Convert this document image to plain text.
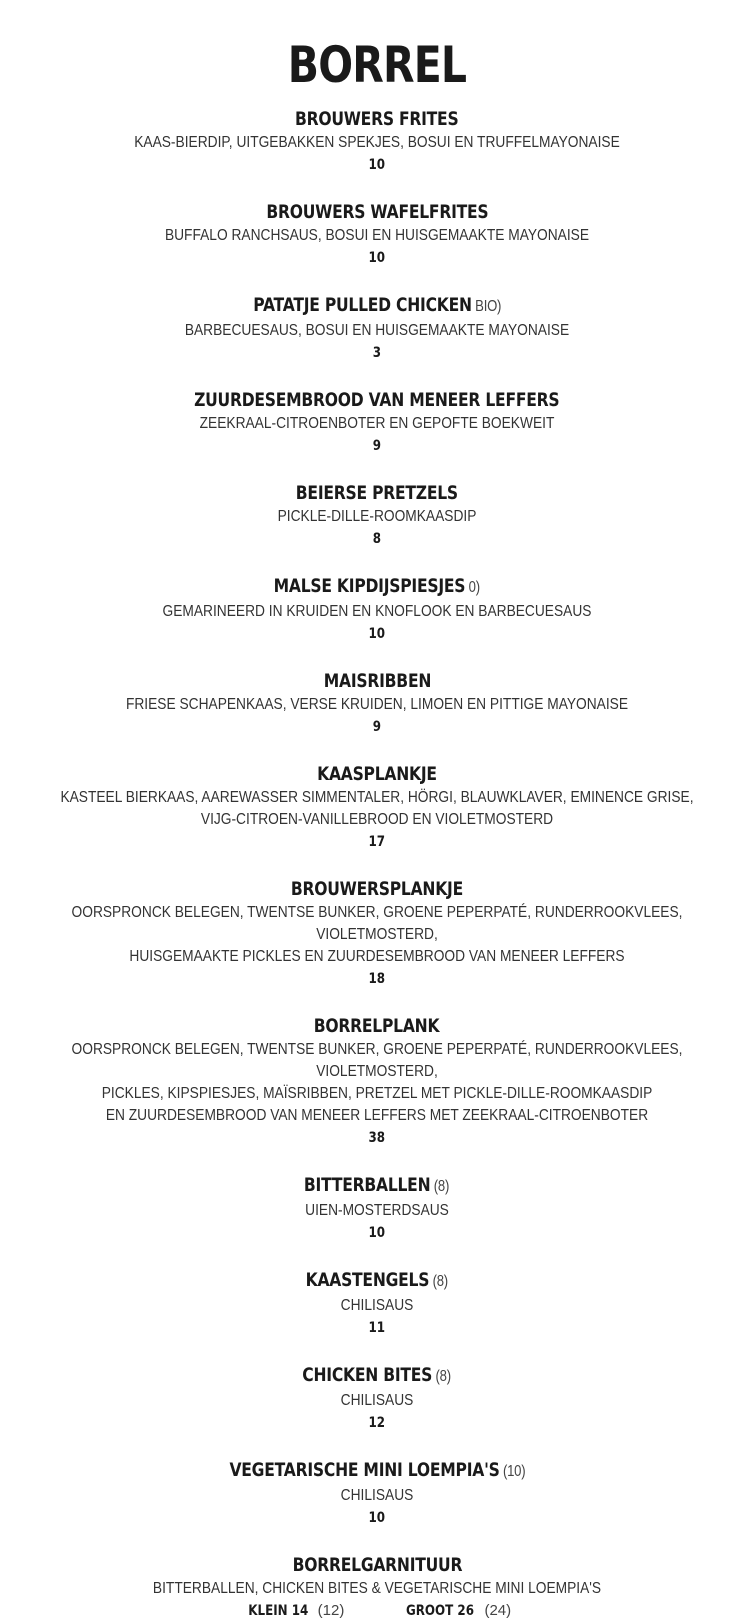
BORREL
BROUWERS FRITES
KAAS-BIERDIP, UITGEBAKKEN SPEKJES, BOSUI EN TRUFFELMAYONAISE
10
BROUWERS WAFELFRITES
BUFFALO RANCHSAUS, BOSUI EN HUISGEMAAKTE MAYONAISE
10
PATATJE PULLED CHICKEN BIO)
BARBECUESAUS, BOSUI EN HUISGEMAAKTE MAYONAISE
3
ZUURDESEMBROOD VAN MENEER LEFFERS
ZEEKRAAL-CITROENBOTER EN GEPOFTE BOEKWEIT
9
BEIERSE PRETZELS
PICKLE-DILLE-ROOMKAASDIP
8
MALSE KIPDIJSPIESJES 0)
GEMARINEERD IN KRUIDEN EN KNOFLOOK EN BARBECUESAUS
10
MAISRIBBEN
FRIESE SCHAPENKAAS, VERSE KRUIDEN, LIMOEN EN PITTIGE MAYONAISE
9
KAASPLANKJE
KASTEEL BIERKAAS, AAREWASSER SIMMENTALER, HÖRGI, BLAUWKLAVER, EMINENCE GRISE,
VIJG-CITROEN-VANILLEBROOD EN VIOLETMOSTERD
17
BROUWERSPLANKJE
OORSPRONCK BELEGEN, TWENTSE BUNKER, GROENE PEPERPATÉ, RUNDERROOKVLEES, VIOLETMOSTERD,
HUISGEMAAKTE PICKLES EN ZUURDESEMBROOD VAN MENEER LEFFERS
18
BORRELPLANK
OORSPRONCK BELEGEN, TWENTSE BUNKER, GROENE PEPERPATÉ, RUNDERROOKVLEES, VIOLETMOSTERD,
PICKLES, KIPSPIESJES, MAÏSRIBBEN, PRETZEL MET PICKLE-DILLE-ROOMKAASDIP
EN ZUURDESEMBROOD VAN MENEER LEFFERS MET ZEEKRAAL-CITROENBOTER
38
BITTERBALLEN (8)
UIEN-MOSTERDSAUS
10
KAASTENGELS (8)
CHILISAUS
11
CHICKEN BITES (8)
CHILISAUS
12
VEGETARISCHE MINI LOEMPIA'S (10)
CHILISAUS
10
BORRELGARNITUUR
BITTERBALLEN, CHICKEN BITES & VEGETARISCHE MINI LOEMPIA'S
KLEIN 14 (12)	GROOT 26 (24)
